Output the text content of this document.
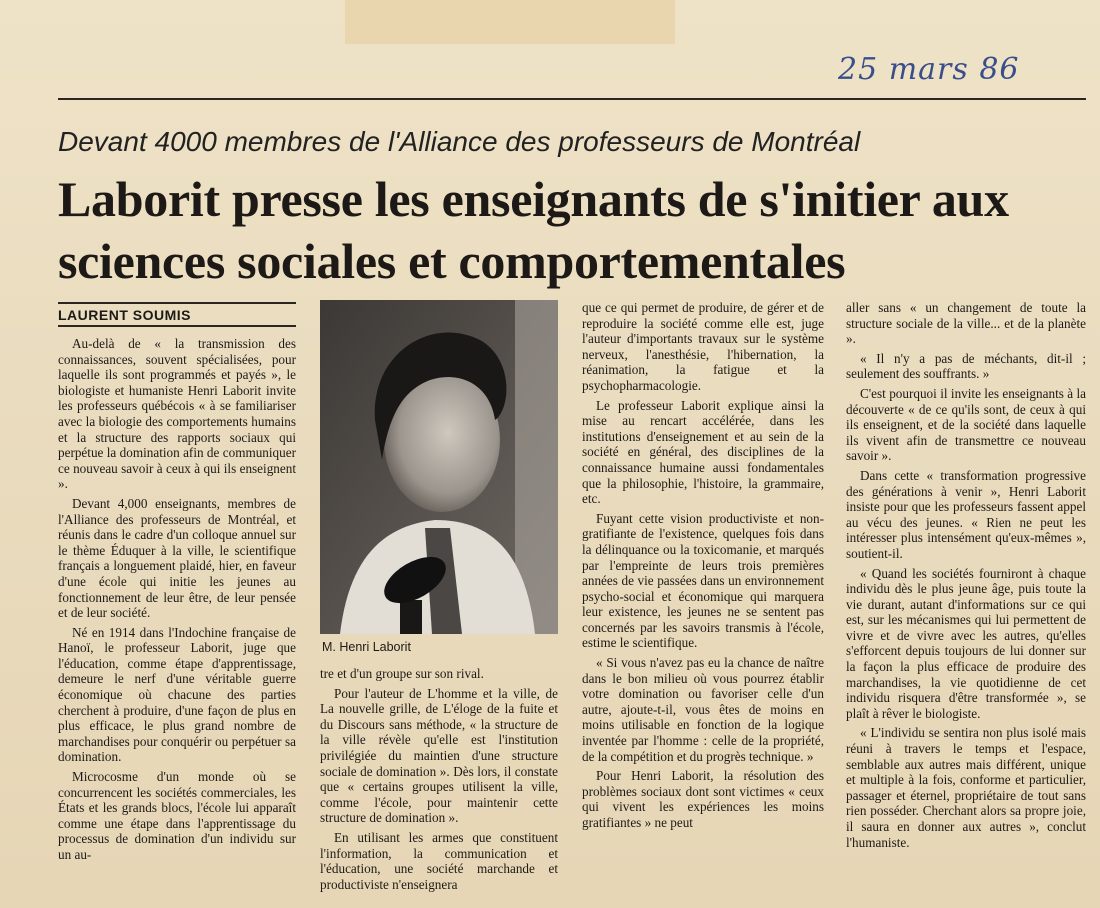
25 mars 86
Devant 4000 membres de l'Alliance des professeurs de Montréal
Laborit presse les enseignants de s'initier aux sciences sociales et comportementales
LAURENT SOUMIS

Au-delà de « la transmission des connaissances, souvent spécialisées, pour laquelle ils sont programmés et payés », le biologiste et humaniste Henri Laborit invite les professeurs québécois « à se familiariser avec la biologie des comportements humains et la structure des rapports sociaux qui perpétue la domination afin de communiquer ce nouveau savoir à ceux à qui ils enseignent ».

Devant 4,000 enseignants, membres de l'Alliance des professeurs de Montréal, et réunis dans le cadre d'un colloque annuel sur le thème Éduquer à la ville, le scientifique français a longuement plaidé, hier, en faveur d'une école qui initie les jeunes au fonctionnement de leur être, de leur pensée et de leur société.

Né en 1914 dans l'Indochine française de Hanoï, le professeur Laborit, juge que l'éducation, comme étape d'apprentissage, demeure le nerf d'une véritable guerre économique où chacune des parties cherchent à produire, d'une façon de plus en plus efficace, le plus grand nombre de marchandises pour conquérir ou perpétuer sa domination.

Microcosme d'un monde où se concurrencent les sociétés commerciales, les États et les grands blocs, l'école lui apparaît comme une étape dans l'apprentissage du processus de domination d'un individu sur un au-

M. Henri Laborit

tre et d'un groupe sur son rival.

Pour l'auteur de L'homme et la ville, de La nouvelle grille, de L'éloge de la fuite et du Discours sans méthode, « la structure de la ville révèle qu'elle est l'institution privilégiée du maintien d'une structure sociale de domination ». Dès lors, il constate que « certains groupes utilisent la ville, comme l'école, pour maintenir cette structure de domination ».

En utilisant les armes que constituent l'information, la communication et l'éducation, une société marchande et productiviste n'enseignera

que ce qui permet de produire, de gérer et de reproduire la société comme elle est, juge l'auteur d'importants travaux sur le système nerveux, l'anesthésie, l'hibernation, la réanimation, la fatigue et la psychopharmacologie.

Le professeur Laborit explique ainsi la mise au rencart accélérée, dans les institutions d'enseignement et au sein de la société en général, des disciplines de la connaissance humaine aussi fondamentales que la philosophie, l'histoire, la grammaire, etc.

Fuyant cette vision productiviste et non-gratifiante de l'existence, quelques fois dans la délinquance ou la toxicomanie, et marqués par l'empreinte de leurs trois premières années de vie passées dans un environnement psycho-social et économique qui marquera leur existence, les jeunes ne se sentent pas concernés par les savoirs transmis à l'école, estime le scientifique.

« Si vous n'avez pas eu la chance de naître dans le bon milieu où vous pourrez établir votre domination ou favoriser celle d'un autre, ajoute-t-il, vous êtes de moins en moins utilisable en fonction de la logique inventée par l'homme : celle de la propriété, de la compétition et du progrès technique. »

Pour Henri Laborit, la résolution des problèmes sociaux dont sont victimes « ceux qui vivent les expériences les moins gratifiantes » ne peut

aller sans « un changement de toute la structure sociale de la ville... et de la planète ».

« Il n'y a pas de méchants, dit-il ; seulement des souffrants. »

C'est pourquoi il invite les enseignants à la découverte « de ce qu'ils sont, de ceux à qui ils enseignent, et de la société dans laquelle ils vivent afin de transmettre ce nouveau savoir ».

Dans cette « transformation progressive des générations à venir », Henri Laborit insiste pour que les professeurs fassent appel au vécu des jeunes. « Rien ne peut les intéresser plus intensément qu'eux-mêmes », soutient-il.

« Quand les sociétés fourniront à chaque individu dès le plus jeune âge, puis toute la vie durant, autant d'informations sur ce qui est, sur les mécanismes qui lui permettent de vivre et de vivre avec les autres, qu'elles s'efforcent depuis toujours de lui donner sur la façon la plus efficace de produire des marchandises, la vie quotidienne de cet individu risquera d'être transformée », se plaît à rêver le biologiste.

« L'individu se sentira non plus isolé mais réuni à travers le temps et l'espace, semblable aux autres mais différent, unique et multiple à la fois, conforme et particulier, passager et éternel, propriétaire de tout sans rien posséder. Cherchant alors sa propre joie, il saura en donner aux autres », conclut l'humaniste.
